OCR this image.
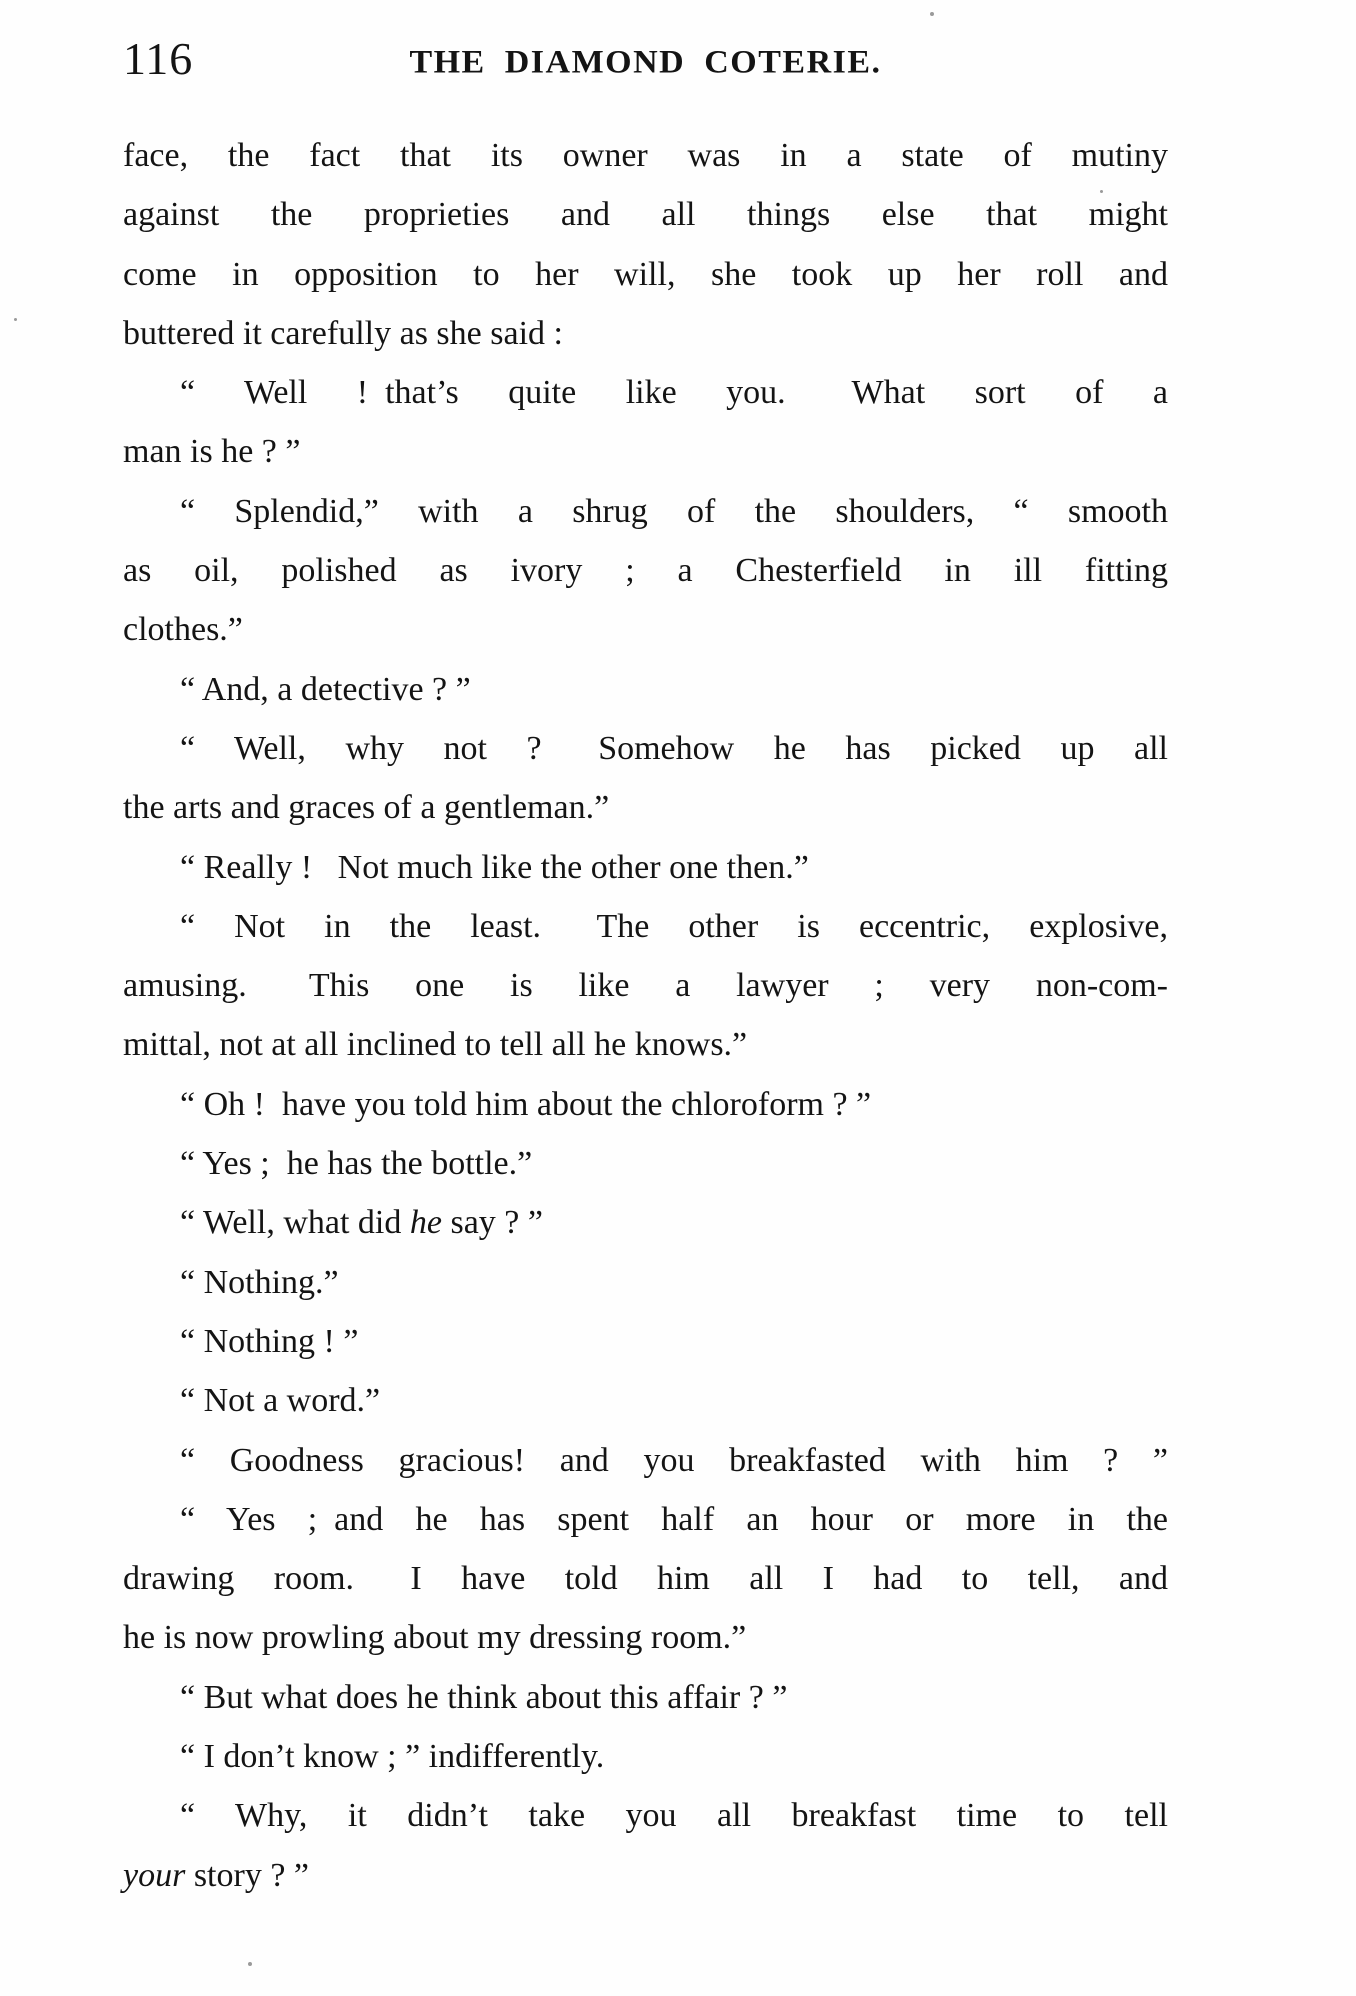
116	THE DIAMOND COTERIE.
face, the fact that its owner was in a state of mutiny
against the proprieties and all things else that might
come in opposition to her will, she took up her roll and
buttered it carefully as she said :
“ Well ! that’s quite like you.  What sort of a
man is he ? ”
“ Splendid,” with a shrug of the shoulders, “ smooth
as oil, polished as ivory ; a Chesterfield in ill fitting
clothes.”
“ And, a detective ? ”
“ Well, why not ?  Somehow he has picked up all
the arts and graces of a gentleman.”
“ Really !  Not much like the other one then.”
“ Not in the least.  The other is eccentric, explosive,
amusing.  This one is like a lawyer ; very non-com-
mittal, not at all inclined to tell all he knows.”
“ Oh ! have you told him about the chloroform ? ”
“ Yes ; he has the bottle.”
“ Well, what did he say ? ”
“ Nothing.”
“ Nothing ! ”
“ Not a word.”
“ Goodness gracious! and you breakfasted with him ? ”
“ Yes ; and he has spent half an hour or more in the
drawing room.  I have told him all I had to tell, and
he is now prowling about my dressing room.”
“ But what does he think about this affair ? ”
“ I don’t know ; ” indifferently.
“ Why, it didn’t take you all breakfast time to tell
your story ? ”
